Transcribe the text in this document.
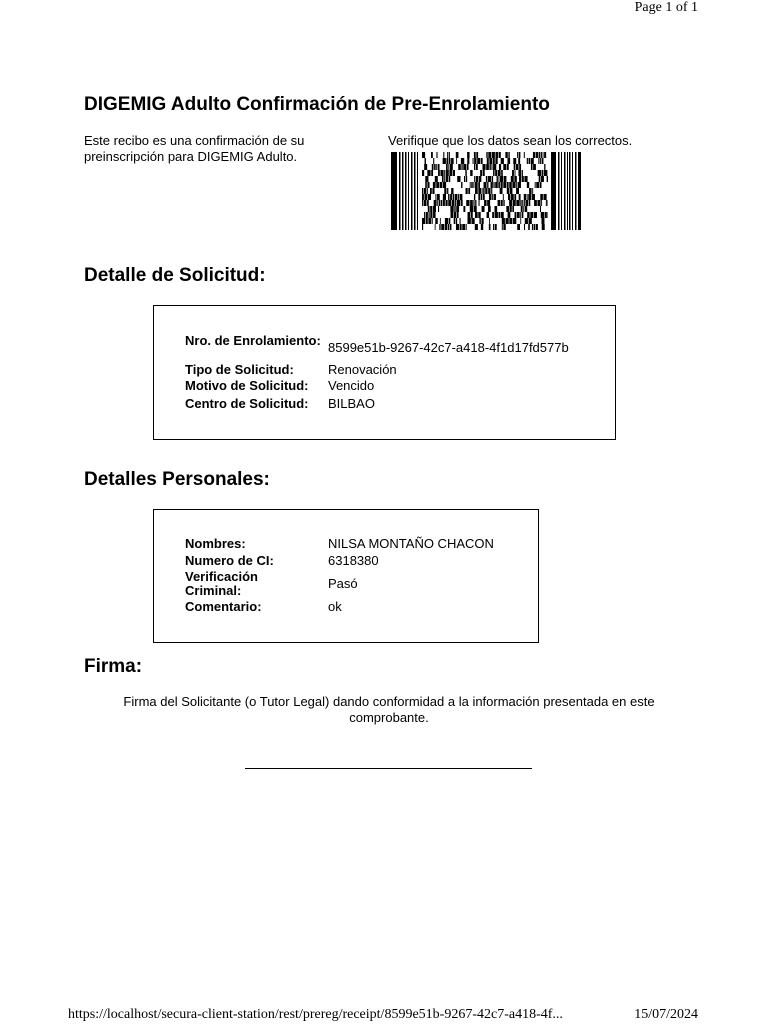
Page 1 of 1
DIGEMIG Adulto Confirmación de Pre-Enrolamiento

Este recibo es una confirmación de su preinscripción para DIGEMIG Adulto.

Verifique que los datos sean los correctos.

Detalle de Solicitud:
Nro. de Enrolamiento: 8599e51b-9267-42c7-a418-4f1d17fd577b
Tipo de Solicitud:	Renovación
Motivo de Solicitud:	Vencido
Centro de Solicitud:	BILBAO
Detalles Personales:
Nombres:	NILSA MONTAÑO CHACON
Numero de CI:	6318380
Verificación Criminal:	Pasó
Comentario:	ok
Firma:

Firma del Solicitante (o Tutor Legal) dando conformidad a la información presentada en este comprobante.

https://localhost/secura-client-station/rest/prereg/receipt/8599e51b-9267-42c7-a418-4f...	15/07/2024
